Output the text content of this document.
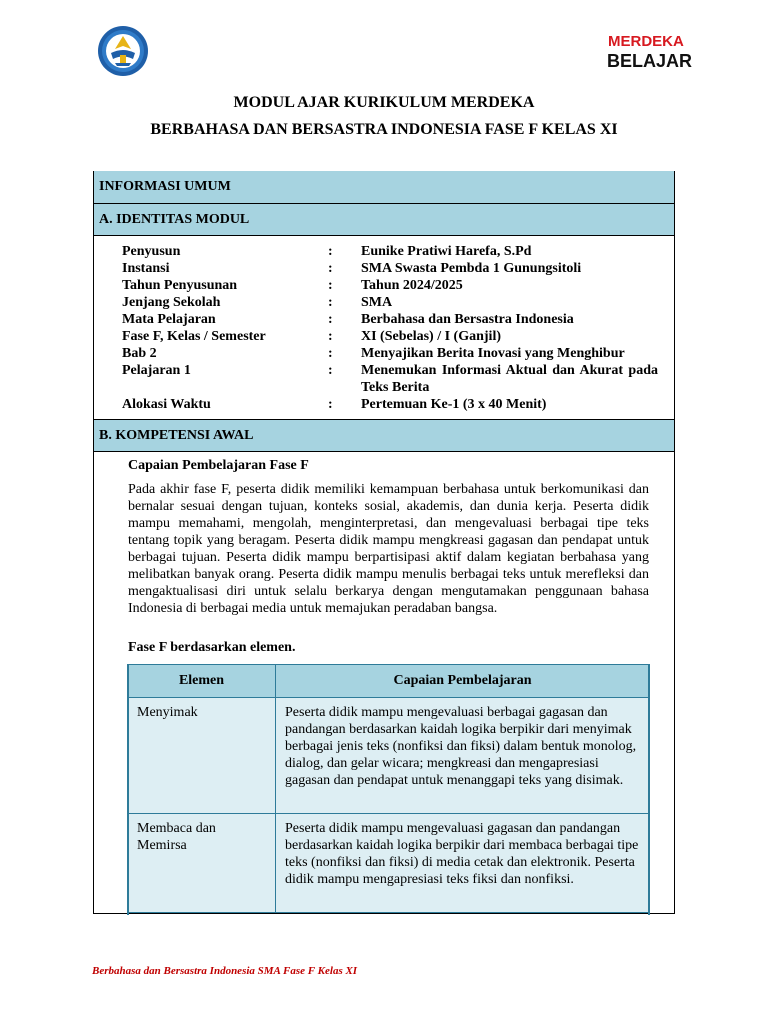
MERDEKA
BELAJAR
MODUL AJAR KURIKULUM MERDEKA
BERBAHASA DAN BERSASTRA INDONESIA FASE F KELAS XI
INFORMASI UMUM
A. IDENTITAS MODUL
Penyusun	: Eunike Pratiwi Harefa, S.Pd
Instansi	: SMA Swasta Pembda 1 Gunungsitoli
Tahun Penyusunan	: Tahun 2024/2025
Jenjang Sekolah	: SMA
Mata Pelajaran	: Berbahasa dan Bersastra Indonesia
Fase F, Kelas / Semester	: XI (Sebelas) / I (Ganjil)
Bab 2	: Menyajikan Berita Inovasi yang Menghibur
Pelajaran 1	: Menemukan Informasi Aktual dan Akurat pada Teks Berita
Alokasi Waktu	: Pertemuan Ke-1 (3 x 40 Menit)
B. KOMPETENSI AWAL
Capaian Pembelajaran Fase F
Pada akhir fase F, peserta didik memiliki kemampuan berbahasa untuk berkomunikasi dan bernalar sesuai dengan tujuan, konteks sosial, akademis, dan dunia kerja. Peserta didik mampu memahami, mengolah, menginterpretasi, dan mengevaluasi berbagai tipe teks tentang topik yang beragam. Peserta didik mampu mengkreasi gagasan dan pendapat untuk berbagai tujuan. Peserta didik mampu berpartisipasi aktif dalam kegiatan berbahasa yang melibatkan banyak orang. Peserta didik mampu menulis berbagai teks untuk merefleksi dan mengaktualisasi diri untuk selalu berkarya dengan mengutamakan penggunaan bahasa Indonesia di berbagai media untuk memajukan peradaban bangsa.
Fase F berdasarkan elemen.
Elemen	Capaian Pembelajaran
Menyimak	Peserta didik mampu mengevaluasi berbagai gagasan dan pandangan berdasarkan kaidah logika berpikir dari menyimak berbagai jenis teks (nonfiksi dan fiksi) dalam bentuk monolog, dialog, dan gelar wicara; mengkreasi dan mengapresiasi gagasan dan pendapat untuk menanggapi teks yang disimak.
Membaca dan Memirsa	Peserta didik mampu mengevaluasi gagasan dan pandangan berdasarkan kaidah logika berpikir dari membaca berbagai tipe teks (nonfiksi dan fiksi) di media cetak dan elektronik. Peserta didik mampu mengapresiasi teks fiksi dan nonfiksi.
Berbahasa dan Bersastra Indonesia SMA Fase F Kelas XI
